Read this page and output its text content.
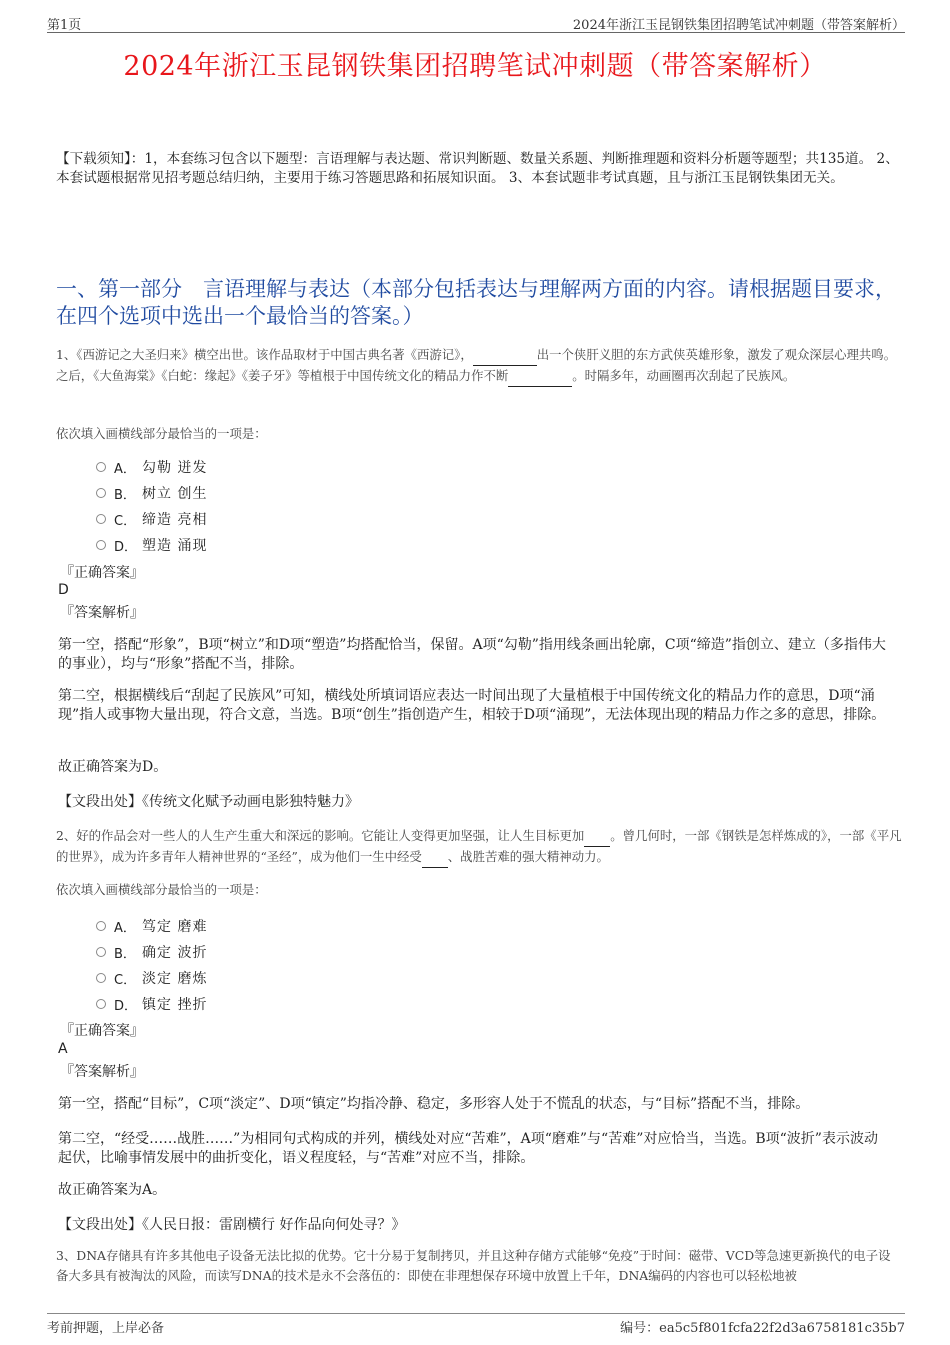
第1页	2024年浙江玉昆钢铁集团招聘笔试冲刺题（带答案解析）
2024年浙江玉昆钢铁集团招聘笔试冲刺题（带答案解析）
【下载须知】：1，本套练习包含以下题型：言语理解与表达题、常识判断题、数量关系题、判断推理题和资料分析题等题型；共135道。 2、本套试题根据常见招考题总结归纳，主要用于练习答题思路和拓展知识面。 3、本套试题非考试真题，且与浙江玉昆钢铁集团无关。
一、第一部分　言语理解与表达（本部分包括表达与理解两方面的内容。请根据题目要求，在四个选项中选出一个最恰当的答案。）
1、《西游记之大圣归来》横空出世。该作品取材于中国古典名著《西游记》，	出一个侠肝义胆的东方武侠英雄形象，激发了观众深层心理共鸣。之后，《大鱼海棠》《白蛇：缘起》《姜子牙》等植根于中国传统文化的精品力作不断	。时隔多年，动画圈再次刮起了民族风。
依次填入画横线部分最恰当的一项是：
A． 勾勒 迸发
B． 树立 创生
C． 缔造 亮相
D． 塑造 涌现
『正确答案』
D
『答案解析』
第一空，搭配“形象”，B项“树立”和D项“塑造”均搭配恰当，保留。A项“勾勒”指用线条画出轮廓，C项“缔造”指创立、建立（多指伟大的事业），均与“形象”搭配不当，排除。
第二空，根据横线后“刮起了民族风”可知，横线处所填词语应表达一时间出现了大量植根于中国传统文化的精品力作的意思，D项“涌现”指人或事物大量出现，符合文意，当选。B项“创生”指创造产生，相较于D项“涌现”，无法体现出现的精品力作之多的意思，排除。
故正确答案为D。
【文段出处】《传统文化赋予动画电影独特魅力》
2、好的作品会对一些人的人生产生重大和深远的影响。它能让人变得更加坚强，让人生目标更加 。曾几何时，一部《钢铁是怎样炼成的》，一部《平凡的世界》，成为许多青年人精神世界的“圣经”，成为他们一生中经受 、战胜苦难的强大精神动力。
依次填入画横线部分最恰当的一项是：
A． 笃定 磨难
B． 确定 波折
C． 淡定 磨炼
D． 镇定 挫折
『正确答案』
A
『答案解析』
第一空，搭配“目标”，C项“淡定”、D项“镇定”均指冷静、稳定，多形容人处于不慌乱的状态，与“目标”搭配不当，排除。
第二空，“经受……战胜……”为相同句式构成的并列，横线处对应“苦难”，A项“磨难”与“苦难”对应恰当，当选。B项“波折”表示波动起伏，比喻事情发展中的曲折变化，语义程度轻，与“苦难”对应不当，排除。
故正确答案为A。
【文段出处】《人民日报：雷剧横行 好作品向何处寻？》
3、DNA存储具有许多其他电子设备无法比拟的优势。它十分易于复制拷贝，并且这种存储方式能够“免疫”于时间：磁带、VCD等急速更新换代的电子设备大多具有被淘汰的风险，而读写DNA的技术是永不会落伍的：即使在非理想保存环境中放置上千年，DNA编码的内容也可以轻松地被
考前押题，上岸必备	编号：ea5c5f801fcfa22f2d3a6758181c35b7
